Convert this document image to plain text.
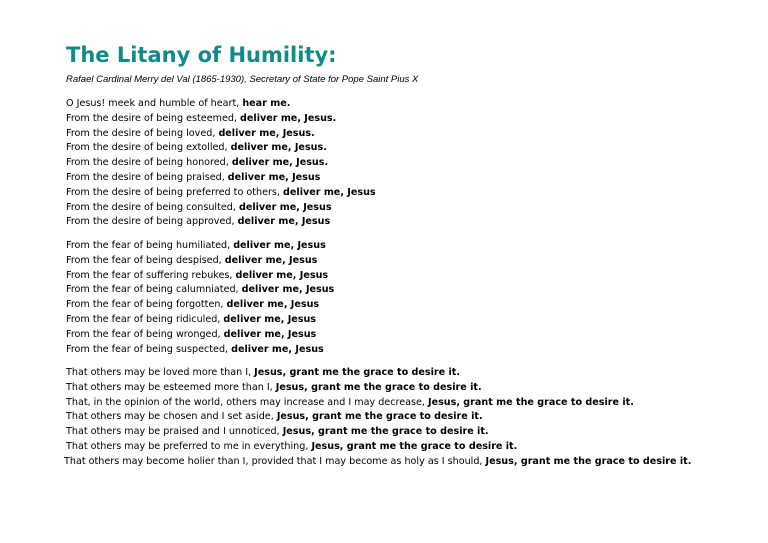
The Litany of Humility:

Rafael Cardinal Merry del Val (1865-1930), Secretary of State for Pope Saint Pius X

O Jesus! meek and humble of heart, hear me.
From the desire of being esteemed, deliver me, Jesus.
From the desire of being loved, deliver me, Jesus.
From the desire of being extolled, deliver me, Jesus.
From the desire of being honored, deliver me, Jesus.
From the desire of being praised, deliver me, Jesus
From the desire of being preferred to others, deliver me, Jesus
From the desire of being consulted, deliver me, Jesus
From the desire of being approved, deliver me, Jesus
From the fear of being humiliated, deliver me, Jesus
From the fear of being despised, deliver me, Jesus
From the fear of suffering rebukes, deliver me, Jesus
From the fear of being calumniated, deliver me, Jesus
From the fear of being forgotten, deliver me, Jesus
From the fear of being ridiculed, deliver me, Jesus
From the fear of being wronged, deliver me, Jesus
From the fear of being suspected, deliver me, Jesus
That others may be loved more than I, Jesus, grant me the grace to desire it.
That others may be esteemed more than I, Jesus, grant me the grace to desire it.
That, in the opinion of the world, others may increase and I may decrease, Jesus, grant me the grace to desire it.
That others may be chosen and I set aside, Jesus, grant me the grace to desire it.
That others may be praised and I unnoticed, Jesus, grant me the grace to desire it.
That others may be preferred to me in everything, Jesus, grant me the grace to desire it.
That others may become holier than I, provided that I may become as holy as I should, Jesus, grant me the grace to desire it.
